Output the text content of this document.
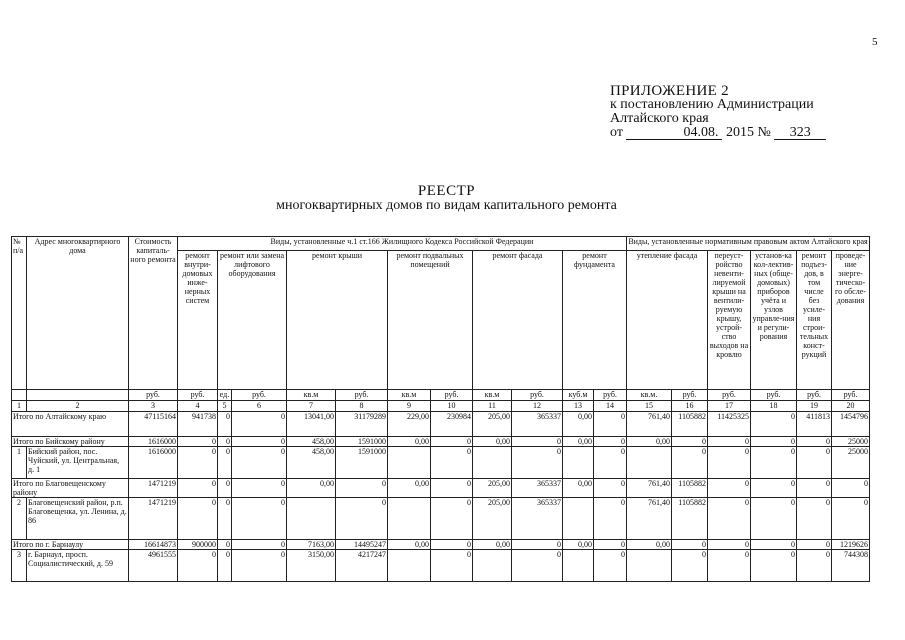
5
ПРИЛОЖЕНИЕ 2
к постановлению Администрации
Алтайского края
от	04.08. 2015 № 323
РЕЕСТР
многоквартирных домов по видам капитального ремонта
№ п/а	Адрес многоквартирного дома	Стоимость капиталь-ного ремонта	Виды, установленные ч.1 ст.166 Жилищного Кодекса Российской Федерации											Виды, установленные нормативным правовым актом Алтайского края					
			ремонт внутри-домовых инже-нерных систем	ремонт или замена лифтового оборудования		ремонт крыши		ремонт подвальных помещений		ремонт фасада		ремонт фундамента		утепление фасада		переуст-ройство невенти-лируемой крыши на вентили-руемую крышу, устрой-ство выходов на кровлю	установ-ка кол-лектив-ных (обще-домовых) приборов учёта и узлов управле-ния и регули-рования	ремонт подъез-дов, в том числе без усиле-ния строи-тельных конст-рукций	проведе-ние энерге-тическо-го обсле-дования
		руб.	руб.	ед.	руб.	кв.м	руб.	кв.м	руб.	кв.м	руб.	куб.м	руб.	кв.м.	руб.	руб.	руб.	руб.	руб.
1	2	3	4	5	6	7	8	9	10	11	12	13	14	15	16	17	18	19	20
Итого по Алтайскому краю		47115164	941738	0	0	13041,00	31179289	229,00	230984	205,00	365337	0,00	0	761,40	1105882	11425325	0	411813	1454796
Итого по Бийскому району		1616000	0	0	0	458,00	1591000	0,00	0	0,00	0	0,00	0	0,00	0	0	0	0	25000
1	Бийский район, пос. Чуйский, ул. Центральная, д. 1	1616000	0	0	0	458,00	1591000		0		0		0		0	0	0	0	25000
Итого по Благовещенскому району		1471219	0	0	0	0,00	0	0,00	0	205,00	365337	0,00	0	761,40	1105882	0	0	0	0
2	Благовещенский район, р.п. Благовещенка, ул. Ленина, д. 86	1471219	0	0	0		0		0	205,00	365337		0	761,40	1105882	0	0	0	0
Итого по г. Барнаулу		16614873	900000	0	0	7163,00	14495247	0,00	0	0,00	0	0,00	0	0,00	0	0	0	0	1219626
3	г. Барнаул, просп. Социалистический, д. 59	4961555	0	0	0	3150,00	4217247		0		0		0		0	0	0	0	744308
